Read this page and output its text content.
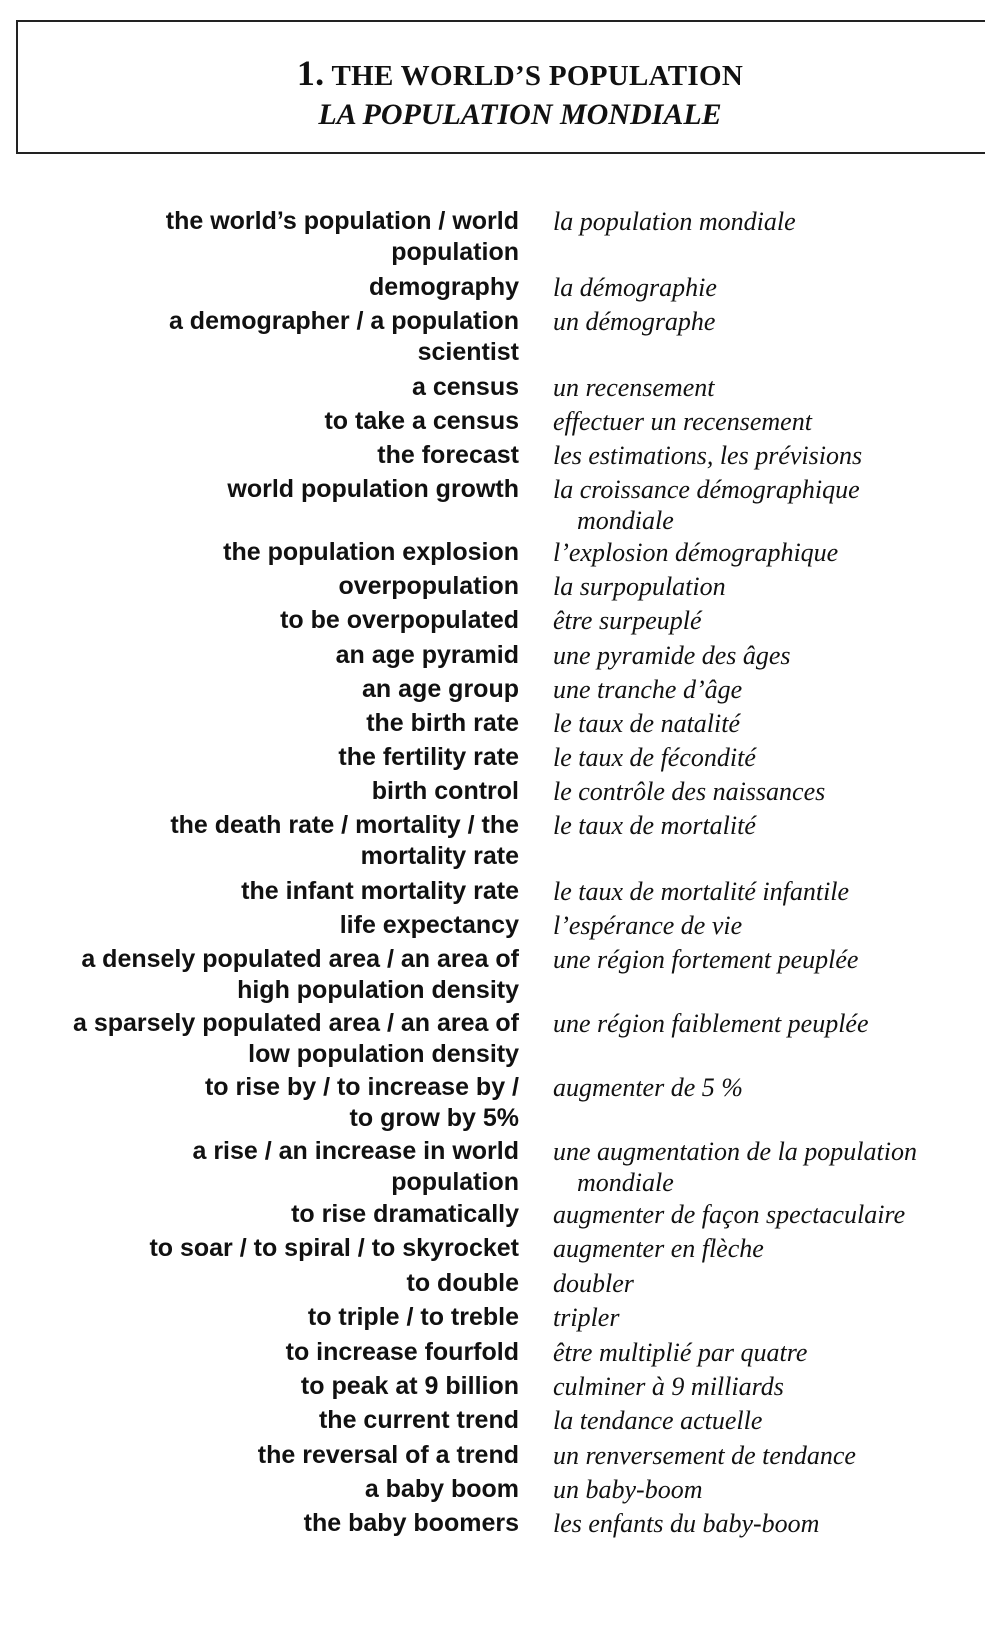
1. THE WORLD’S POPULATION
LA POPULATION MONDIALE
the world’s population / world
population
la population mondiale
demography la démographie
a demographer / a population
scientist
un démographe
a census un recensement
to take a census effectuer un recensement
the forecast les estimations, les prévisions
world population growth la croissance démographique
mondiale
the population explosion l’explosion démographique
overpopulation la surpopulation
to be overpopulated être surpeuplé
an age pyramid une pyramide des âges
an age group une tranche d’âge
the birth rate le taux de natalité
the fertility rate le taux de fécondité
birth control le contrôle des naissances
the death rate / mortality / the
mortality rate
le taux de mortalité
the infant mortality rate le taux de mortalité infantile
life expectancy l’espérance de vie
a densely populated area / an area of
high population density
une région fortement peuplée
a sparsely populated area / an area of
low population density
une région faiblement peuplée
to rise by / to increase by /
to grow by 5%
augmenter de 5 %
a rise / an increase in world
population
une augmentation de la population
mondiale
to rise dramatically augmenter de façon spectaculaire
to soar / to spiral / to skyrocket augmenter en flèche
to double doubler
to triple / to treble tripler
to increase fourfold être multiplié par quatre
to peak at 9 billion culminer à 9 milliards
the current trend la tendance actuelle
the reversal of a trend un renversement de tendance
a baby boom un baby-boom
the baby boomers les enfants du baby-boom
